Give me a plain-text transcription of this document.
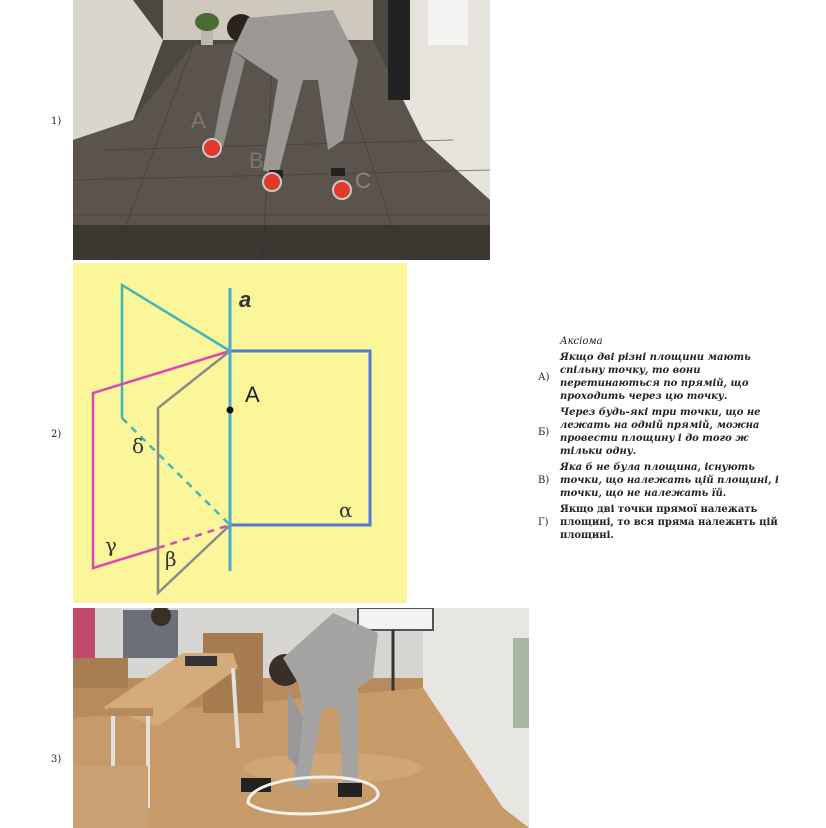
1)
2)
3)
A
B
C
a
A
α
β
γ
δ
Аксіома
А)
Якщо дві різні площини мають спільну точку, то вони перетинаються по прямій, що проходить через цю точку.
Б)
Через будь-які три точки, що не лежать на одній прямій, можна провести площину і до того ж тільки одну.
В)
Яка б не була площина, існують точки, що належать цій площині, і точки, що не належать їй.
Г)
Якщо дві точки прямої належать площині, то вся пряма належить цій площині.
